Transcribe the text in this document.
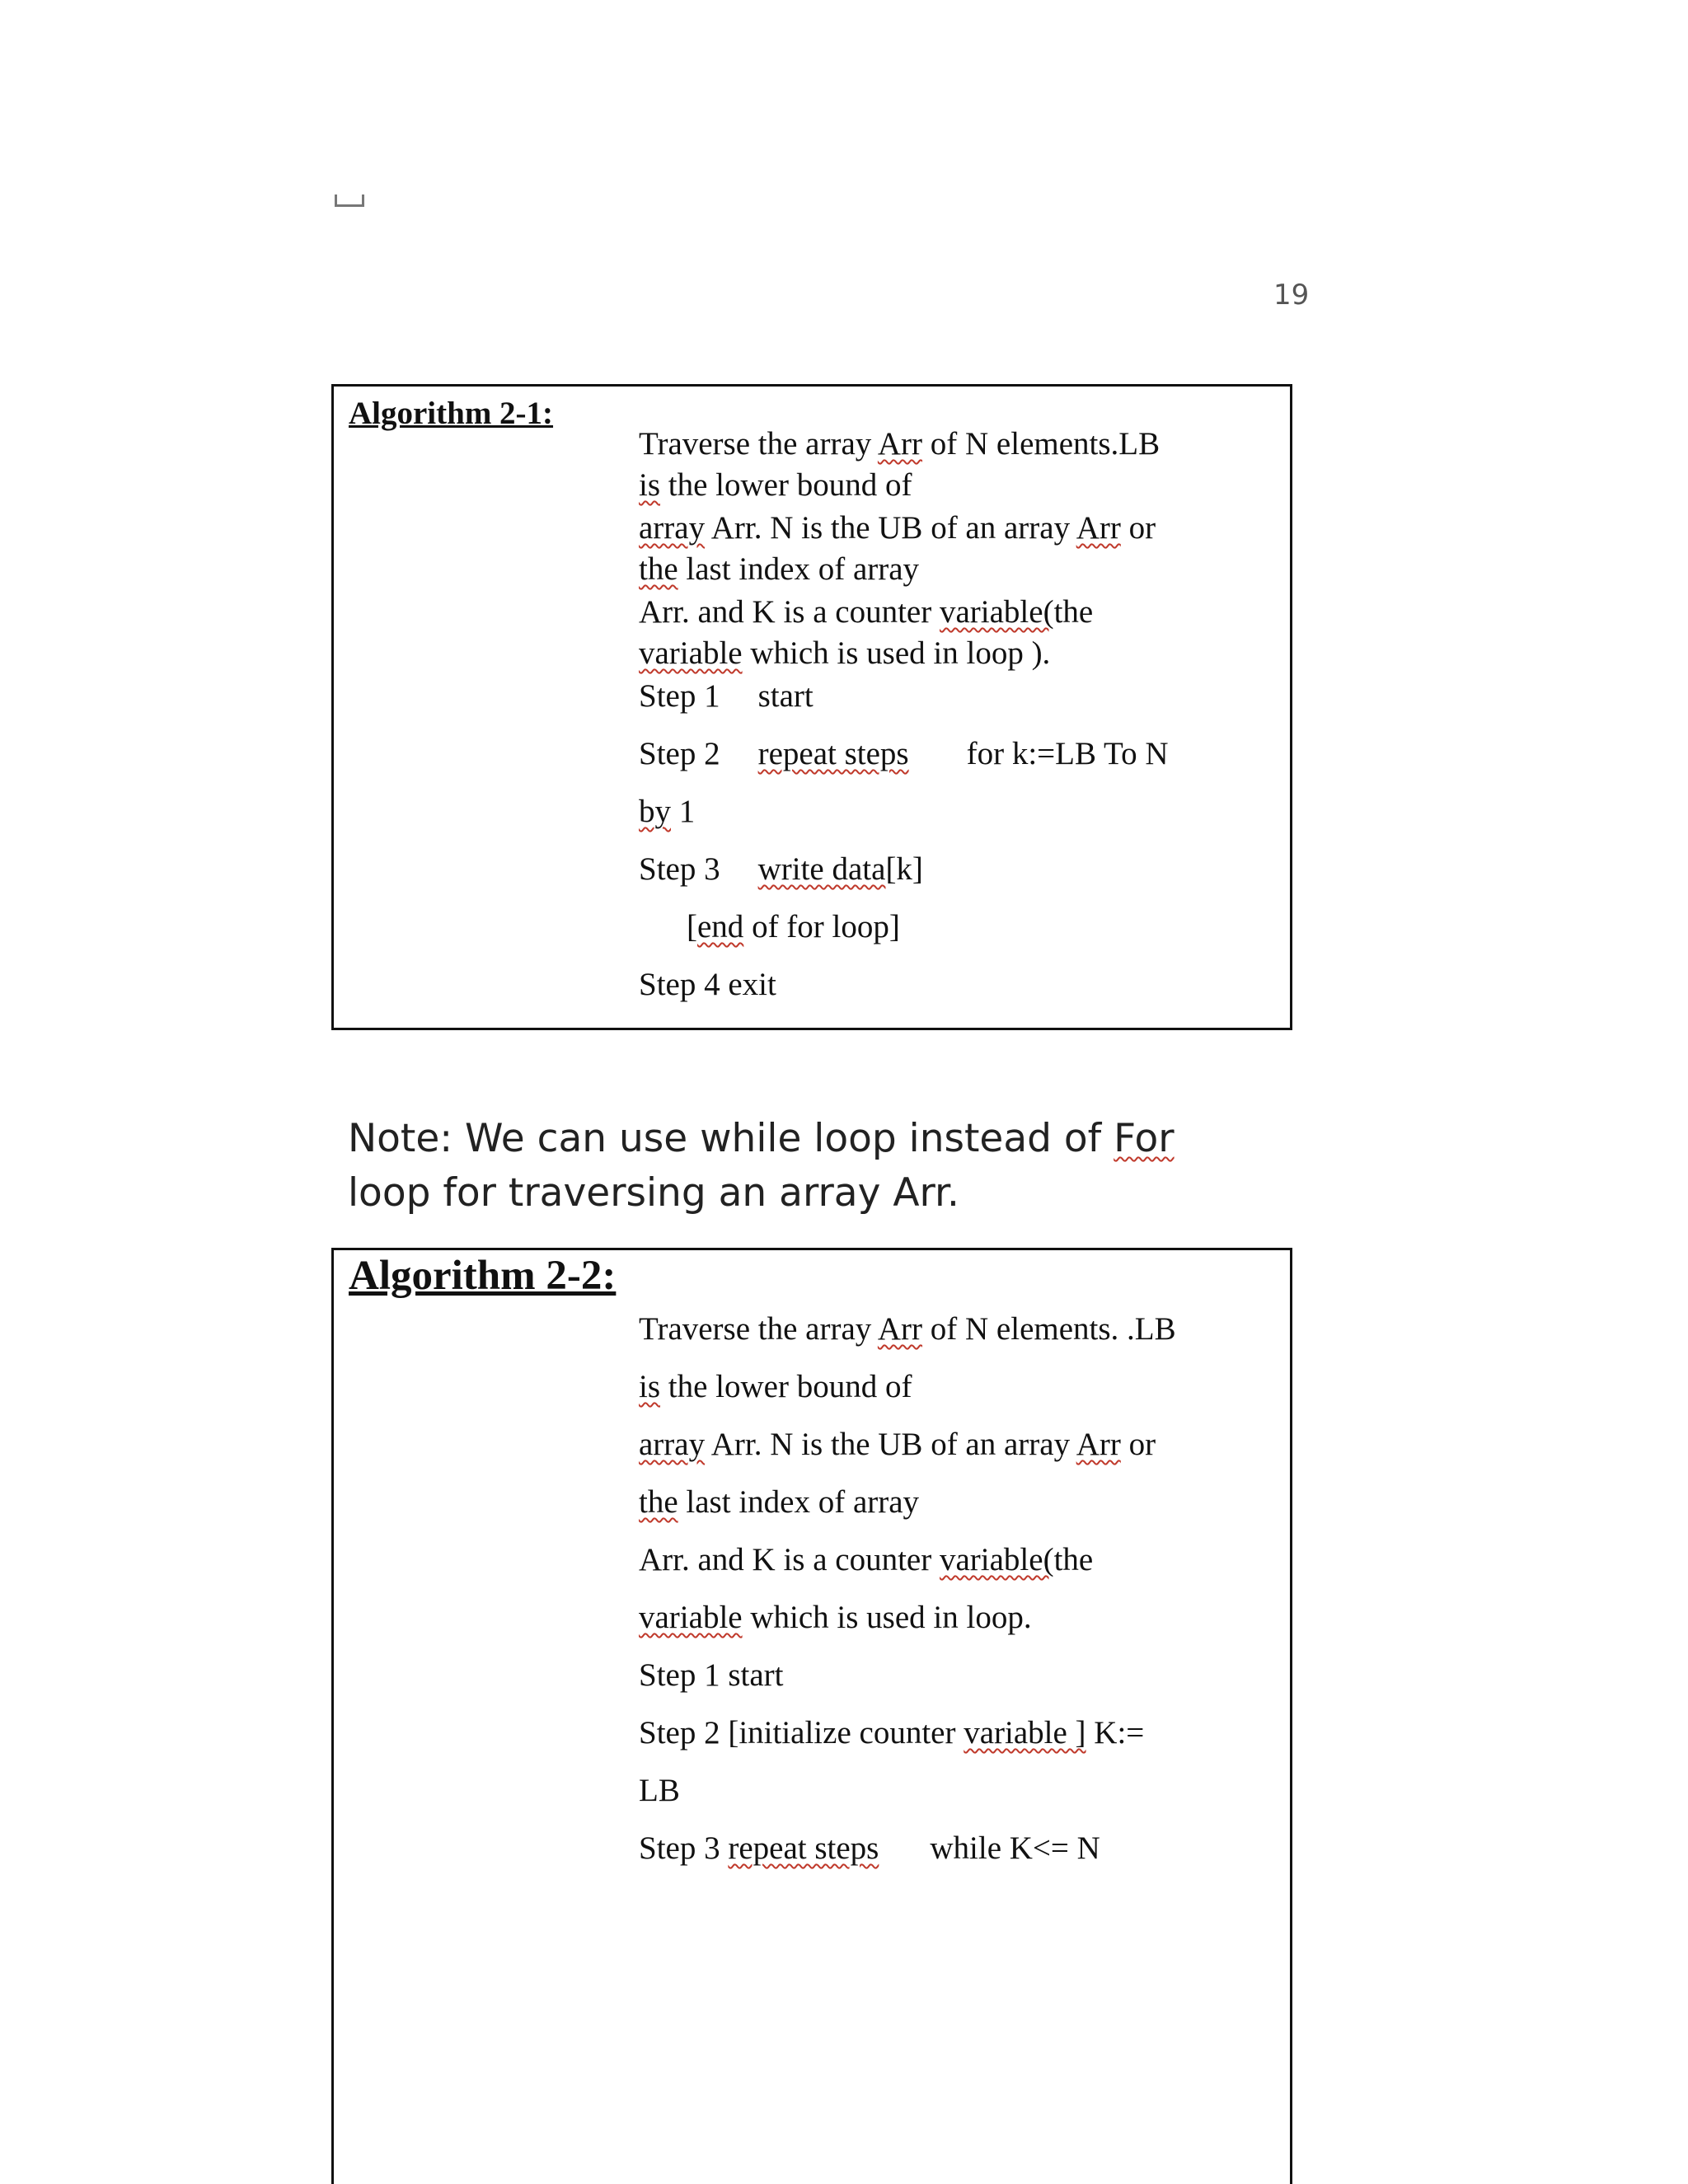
19
Algorithm 2-1:
Traverse the array Arr of N elements.LB
is the lower bound of
array Arr. N is the UB of an array Arr or
the last index of array
Arr. and K is a counter variable(the
variable which is used in loop ).
Step 1 start
Step 2 repeat steps for k:=LB To N
by 1
Step 3 write data[k]
[end of for loop]
Step 4 exit
Note: We can use while loop instead of For
loop for traversing an array Arr.
Algorithm 2-2:
Traverse the array Arr of N elements. .LB
is the lower bound of
array Arr. N is the UB of an array Arr or
the last index of array
Arr. and K is a counter variable(the
variable which is used in loop.
Step 1 start
Step 2 [initialize counter variable ] K:=
LB
Step 3 repeat steps while K<= N
